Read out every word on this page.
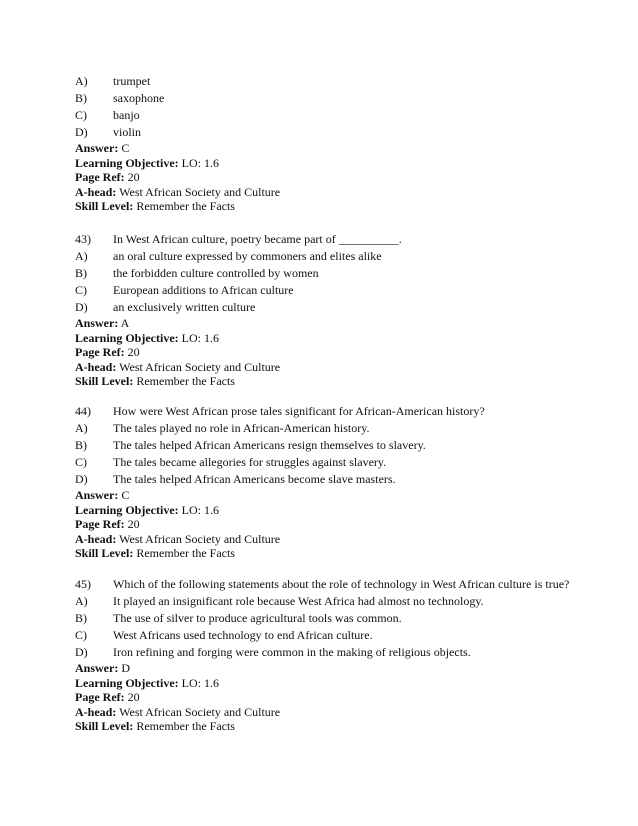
A) trumpet
B) saxophone
C) banjo
D) violin
Answer: C
Learning Objective: LO: 1.6
Page Ref: 20
A-head: West African Society and Culture
Skill Level: Remember the Facts
43) In West African culture, poetry became part of __________.
A) an oral culture expressed by commoners and elites alike
B) the forbidden culture controlled by women
C) European additions to African culture
D) an exclusively written culture
Answer: A
Learning Objective: LO: 1.6
Page Ref: 20
A-head: West African Society and Culture
Skill Level: Remember the Facts
44) How were West African prose tales significant for African-American history?
A) The tales played no role in African-American history.
B) The tales helped African Americans resign themselves to slavery.
C) The tales became allegories for struggles against slavery.
D) The tales helped African Americans become slave masters.
Answer: C
Learning Objective: LO: 1.6
Page Ref: 20
A-head: West African Society and Culture
Skill Level: Remember the Facts
45) Which of the following statements about the role of technology in West African culture is true?
A) It played an insignificant role because West Africa had almost no technology.
B) The use of silver to produce agricultural tools was common.
C) West Africans used technology to end African culture.
D) Iron refining and forging were common in the making of religious objects.
Answer: D
Learning Objective: LO: 1.6
Page Ref: 20
A-head: West African Society and Culture
Skill Level: Remember the Facts
